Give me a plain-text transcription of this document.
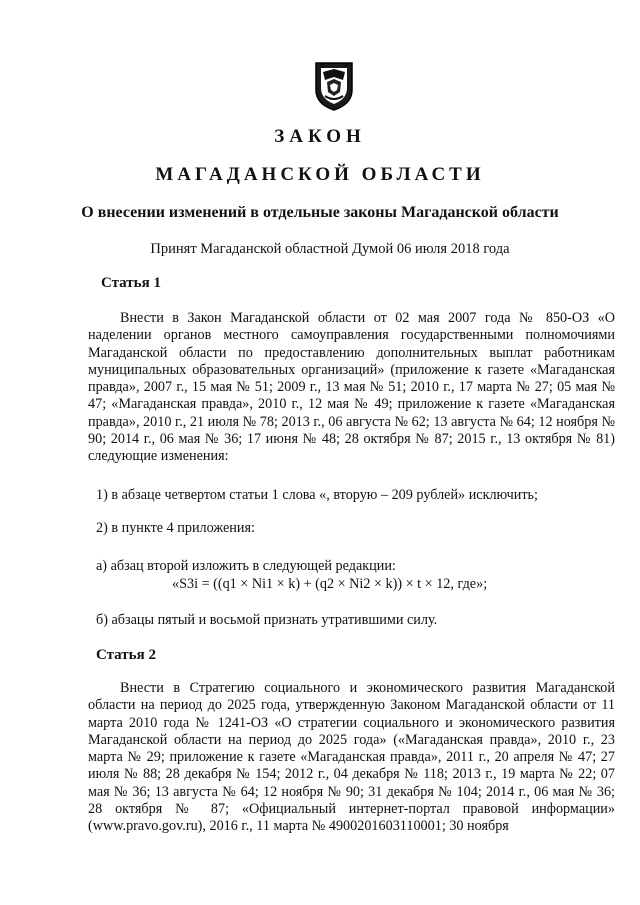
ЗАКОН
МАГАДАНСКОЙ ОБЛАСТИ
О внесении изменений в отдельные законы Магаданской области
Принят Магаданской областной Думой 06 июля 2018 года
Статья 1
Внести в Закон Магаданской области от 02 мая 2007 года № 850-ОЗ «О наделении органов местного самоуправления государственными полномочиями Магаданской области по предоставлению дополнительных выплат работникам муниципальных образовательных организаций» (приложение к газете «Магаданская правда», 2007 г., 15 мая № 51; 2009 г., 13 мая № 51; 2010 г., 17 марта № 27; 05 мая № 47; «Магаданская правда», 2010 г., 12 мая № 49; приложение к газете «Магаданская правда», 2010 г., 21 июля № 78; 2013 г., 06 августа № 62; 13 августа № 64; 12 ноября № 90; 2014 г., 06 мая № 36; 17 июня № 48; 28 октября № 87; 2015 г., 13 октября № 81) следующие изменения:
1) в абзаце четвертом статьи 1 слова «, вторую – 209 рублей» исключить;
2) в пункте 4 приложения:
а) абзац второй изложить в следующей редакции:
«S3i = ((q1 × Ni1 × k) + (q2 × Ni2 × k)) × t × 12, где»;
б) абзацы пятый и восьмой признать утратившими силу.
Статья 2
Внести в Стратегию социального и экономического развития Магаданской области на период до 2025 года, утвержденную Законом Магаданской области от 11 марта 2010 года № 1241-ОЗ «О стратегии социального и экономического развития Магаданской области на период до 2025 года» («Магаданская правда», 2010 г., 23 марта № 29; приложение к газете «Магаданская правда», 2011 г., 20 апреля № 47; 27 июля № 88; 28 декабря № 154; 2012 г., 04 декабря № 118; 2013 г., 19 марта № 22; 07 мая № 36; 13 августа № 64; 12 ноября № 90; 31 декабря № 104; 2014 г., 06 мая № 36; 28 октября № 87; «Официальный интернет-портал правовой информации» (www.pravo.gov.ru), 2016 г., 11 марта № 4900201603110001; 30 ноября
